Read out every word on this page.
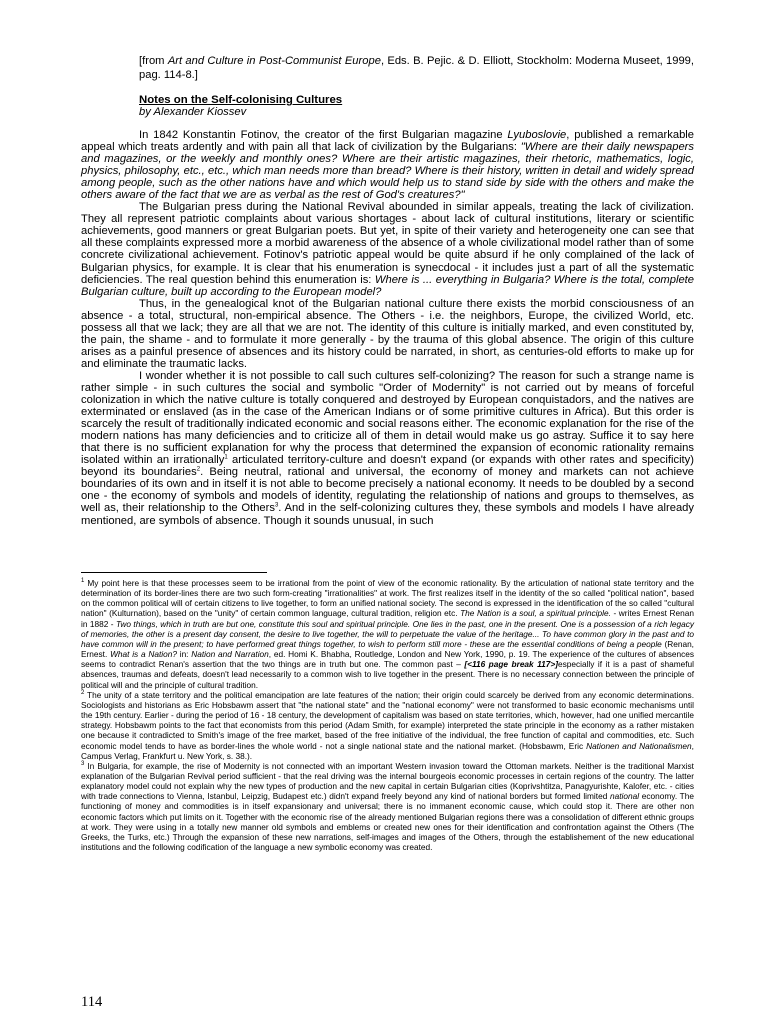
[from Art and Culture in Post-Communist Europe, Eds. B. Pejic. & D. Elliott, Stockholm: Moderna Museet, 1999, pag. 114-8.]

Notes on the Self-colonising Cultures

by Alexander Kiossev

In 1842 Konstantin Fotinov, the creator of the first Bulgarian magazine Lyuboslovie, published a remarkable appeal which treats ardently and with pain all that lack of civilization by the Bulgarians: "Where are their daily newspapers and magazines, or the weekly and monthly ones? Where are their artistic magazines, their rhetoric, mathematics, logic, physics, philosophy, etc., etc., which man needs more than bread? Where is their history, written in detail and widely spread among people, such as the other nations have and which would help us to stand side by side with the others and make the others aware of the fact that we are as verbal as the rest of God's creatures?"

The Bulgarian press during the National Revival abounded in similar appeals, treating the lack of civilization. They all represent patriotic complaints about various shortages - about lack of cultural institutions, literary or scientific achievements, good manners or great Bulgarian poets. But yet, in spite of their variety and heterogeneity one can see that all these complaints expressed more a morbid awareness of the absence of a whole civilizational model rather than of some concrete civilizational achievement. Fotinov's patriotic appeal would be quite absurd if he only complained of the lack of Bulgarian physics, for example. It is clear that his enumeration is synecdocal - it includes just a part of all the systematic deficiencies. The real question behind this enumeration is: Where is ... everything in Bulgaria? Where is the total, complete Bulgarian culture, built up according to the European model?

Thus, in the genealogical knot of the Bulgarian national culture there exists the morbid consciousness of an absence - a total, structural, non-empirical absence. The Others - i.e. the neighbors, Europe, the civilized World, etc. possess all that we lack; they are all that we are not. The identity of this culture is initially marked, and even constituted by, the pain, the shame - and to formulate it more generally - by the trauma of this global absence. The origin of this culture arises as a painful presence of absences and its history could be narrated, in short, as centuries-old efforts to make up for and eliminate the traumatic lacks.

I wonder whether it is not possible to call such cultures self-colonizing? The reason for such a strange name is rather simple - in such cultures the social and symbolic "Order of Modernity" is not carried out by means of forceful colonization in which the native culture is totally conquered and destroyed by European conquistadors, and the natives are exterminated or enslaved (as in the case of the American Indians or of some primitive cultures in Africa). But this order is scarcely the result of traditionally indicated economic and social reasons either. The economic explanation for the rise of the modern nations has many deficiencies and to criticize all of them in detail would make us go astray. Suffice it to say here that there is no sufficient explanation for why the process that determined the expansion of economic rationality remains isolated within an irrationally$^1$ articulated territory-culture and doesn't expand (or expands with other rates and specificity) beyond its boundaries$^2$. Being neutral, rational and universal, the economy of money and markets can not achieve boundaries of its own and in itself it is not able to become precisely a national economy. It needs to be doubled by a second one - the economy of symbols and models of identity, regulating the relationship of nations and groups to themselves, as well as, their relationship to the Others$^3$. And in the self-colonizing cultures they, these symbols and models I have already mentioned, are symbols of absence. Though it sounds unusual, in such

$^1$ My point here is that these processes seem to be irrational from the point of view of the economic rationality. By the articulation of national state territory and the determination of its border-lines there are two such form-creating "irrationalities" at work. The first realizes itself in the identity of the so called "political nation", based on the common political will of certain citizens to live together, to form an unified national society. The second is expressed in the identification of the so called "cultural nation" (Kulturnation), based on the "unity" of certain common language, cultural tradition, religion etc. The Nation is a soul, a spiritual principle. - writes Ernest Renan in 1882 - Two things, which in truth are but one, constitute this soul and spiritual principle. One lies in the past, one in the present. One is a possession of a rich legacy of memories, the other is a present day consent, the desire to live together, the will to perpetuate the value of the heritage... To have common glory in the past and to have common will in the present; to have performed great things together, to wish to perform still more - these are the essential conditions of being a people (Renan, Ernest. What is a Nation? in: Nation and Narration, ed. Homi K. Bhabha, Routledge, London and New York, 1990, p. 19. The experience of the cultures of absences seems to contradict Renan's assertion that the two things are in truth but one. The common past – [<116 page break 117>]especially if it is a past of shameful absences, traumas and defeats, doesn't lead necessarily to a common wish to live together in the present. There is no necessary connection between the principle of political will and the principle of cultural tradition.

$^2$ The unity of a state territory and the political emancipation are late features of the nation; their origin could scarcely be derived from any economic determinations. Sociologists and historians as Eric Hobsbawm assert that "the national state" and the "national economy" were not transformed to basic economic mechanisms until the 19th century. Earlier - during the period of 16 - 18 century, the development of capitalism was based on state territories, which, however, had one unified mercantile strategy. Hobsbawm points to the fact that economists from this period (Adam Smith, for example) interpreted the state principle in the economy as a rather mistaken one because it contradicted to Smith's image of the free market, based of the free initiative of the individual, the free function of capital and commodities, etc. Such economic model tends to have as border-lines the whole world - not a single national state and the national market. (Hobsbawm, Eric Nationen and Nationalismen, Campus Verlag, Frankfurt u. New York, s. 38.).

$^3$ In Bulgaria, for example, the rise of Modernity is not connected with an important Western invasion toward the Ottoman markets. Neither is the traditional Marxist explanation of the Bulgarian Revival period sufficient - that the real driving was the internal bourgeois economic processes in certain regions of the country. The latter explanatory model could not explain why the new types of production and the new capital in certain Bulgarian cities (Koprivshtitza, Panagyurishte, Kalofer, etc. - cities with trade connections to Vienna, Istanbul, Leipzig, Budapest etc.) didn't expand freely beyond any kind of national borders but formed limited national economy. The functioning of money and commodities is in itself expansionary and universal; there is no immanent economic cause, which could stop it. There are other non economic factors which put limits on it. Together with the economic rise of the already mentioned Bulgarian regions there was a consolidation of different ethnic groups at work. They were using in a totally new manner old symbols and emblems or created new ones for their identification and confrontation against the Others (The Greeks, the Turks, etc.) Through the expansion of these new narrations, self-images and images of the Others, through the establishement of the new educational institutions and the following codification of the language a new symbolic economy was created.

114
